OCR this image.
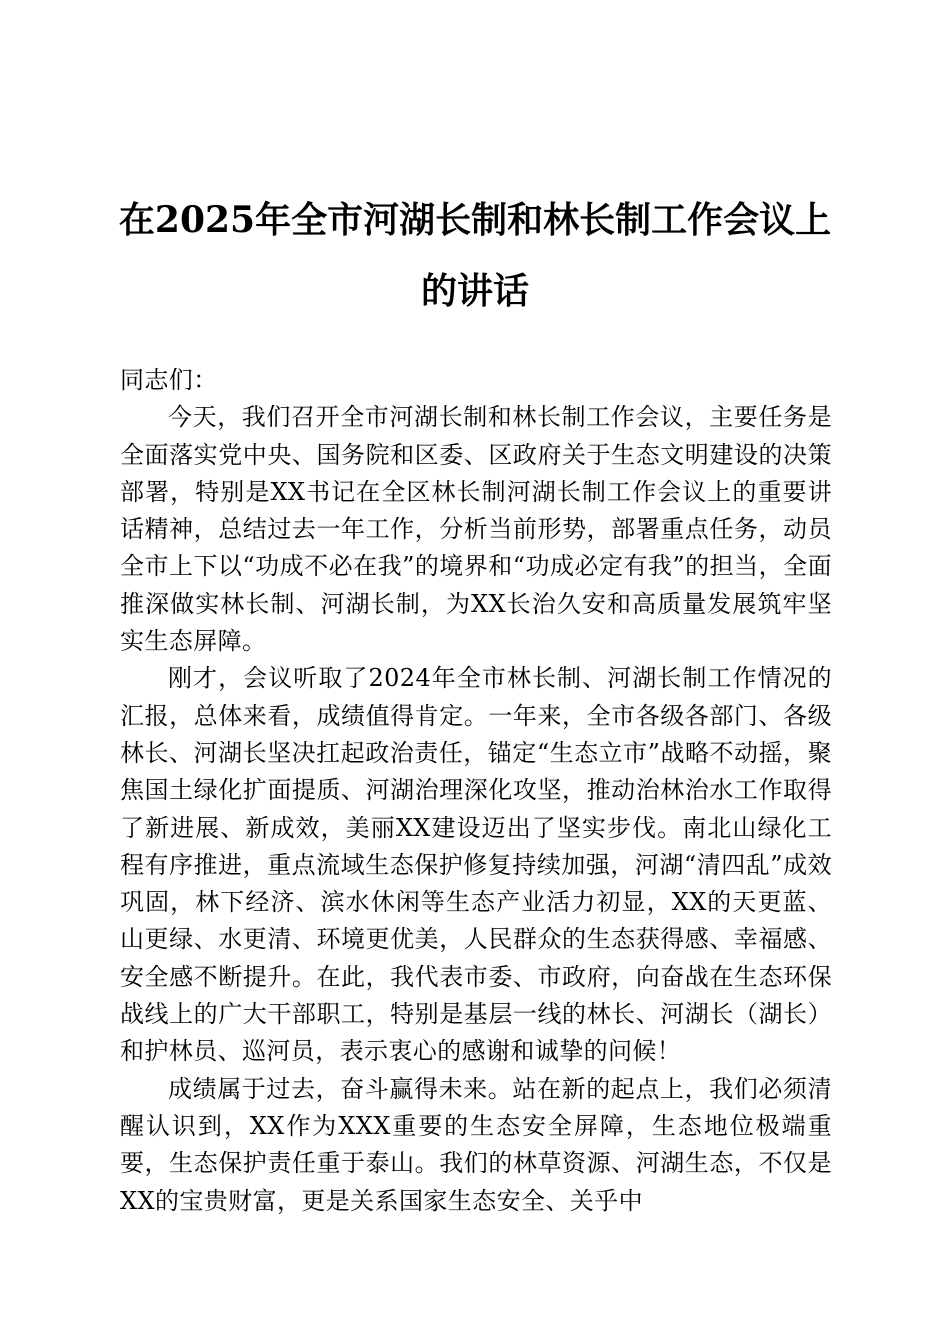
在2025年全市河湖长制和林长制工作会议上
的讲话

同志们：

今天，我们召开全市河湖长制和林长制工作会议，主要任务是全面落实党中央、国务院和区委、区政府关于生态文明建设的决策部署，特别是XX书记在全区林长制河湖长制工作会议上的重要讲话精神，总结过去一年工作，分析当前形势，部署重点任务，动员全市上下以“功成不必在我”的境界和“功成必定有我”的担当，全面推深做实林长制、河湖长制，为XX长治久安和高质量发展筑牢坚实生态屏障。

刚才，会议听取了2024年全市林长制、河湖长制工作情况的汇报，总体来看，成绩值得肯定。一年来，全市各级各部门、各级林长、河湖长坚决扛起政治责任，锚定“生态立市”战略不动摇，聚焦国土绿化扩面提质、河湖治理深化攻坚，推动治林治水工作取得了新进展、新成效，美丽XX建设迈出了坚实步伐。南北山绿化工程有序推进，重点流域生态保护修复持续加强，河湖“清四乱”成效巩固，林下经济、滨水休闲等生态产业活力初显，XX的天更蓝、山更绿、水更清、环境更优美，人民群众的生态获得感、幸福感、安全感不断提升。在此，我代表市委、市政府，向奋战在生态环保战线上的广大干部职工，特别是基层一线的林长、河湖长（湖长）和护林员、巡河员，表示衷心的感谢和诚挚的问候！

成绩属于过去，奋斗赢得未来。站在新的起点上，我们必须清醒认识到，XX作为XXX重要的生态安全屏障，生态地位极端重要，生态保护责任重于泰山。我们的林草资源、河湖生态，不仅是XX的宝贵财富，更是关系国家生态安全、关乎中
